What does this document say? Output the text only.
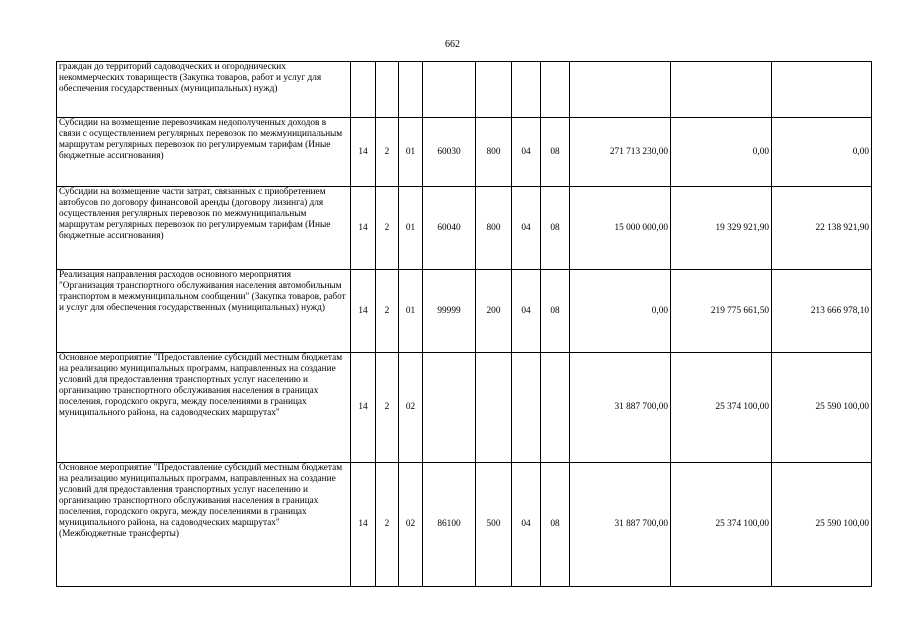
662
граждан до территорий садоводческих и огороднических некоммерческих товариществ (Закупка товаров, работ и услуг для обеспечения государственных (муниципальных) нужд)										
Субсидии на возмещение перевозчикам недополученных доходов в связи с осуществлением регулярных перевозок по межмуниципальным маршрутам регулярных перевозок по регулируемым тарифам (Иные бюджетные ассигнования)	14	2	01	60030	800	04	08	271 713 230,00	0,00	0,00
Субсидии на возмещение части затрат, связанных с приобретением автобусов по договору финансовой аренды (договору лизинга) для осуществления регулярных перевозок по межмуниципальным маршрутам регулярных перевозок по регулируемым тарифам (Иные бюджетные ассигнования)	14	2	01	60040	800	04	08	15 000 000,00	19 329 921,90	22 138 921,90
Реализация направления расходов основного мероприятия "Организация транспортного обслуживания населения автомобильным транспортом в межмуниципальном сообщении" (Закупка товаров, работ и услуг для обеспечения государственных (муниципальных) нужд)	14	2	01	99999	200	04	08	0,00	219 775 661,50	213 666 978,10
Основное мероприятие "Предоставление субсидий местным бюджетам на реализацию муниципальных программ, направленных на создание условий для предоставления транспортных услуг населению и организацию транспортного обслуживания населения в границах поселения, городского округа, между поселениями в границах муниципального района, на садоводческих маршрутах"	14	2	02					31 887 700,00	25 374 100,00	25 590 100,00
Основное мероприятие "Предоставление субсидий местным бюджетам на реализацию муниципальных программ, направленных на создание условий для предоставления транспортных услуг населению и организацию транспортного обслуживания населения в границах поселения, городского округа, между поселениями в границах муниципального района, на садоводческих маршрутах" (Межбюджетные трансферты)	14	2	02	86100	500	04	08	31 887 700,00	25 374 100,00	25 590 100,00
